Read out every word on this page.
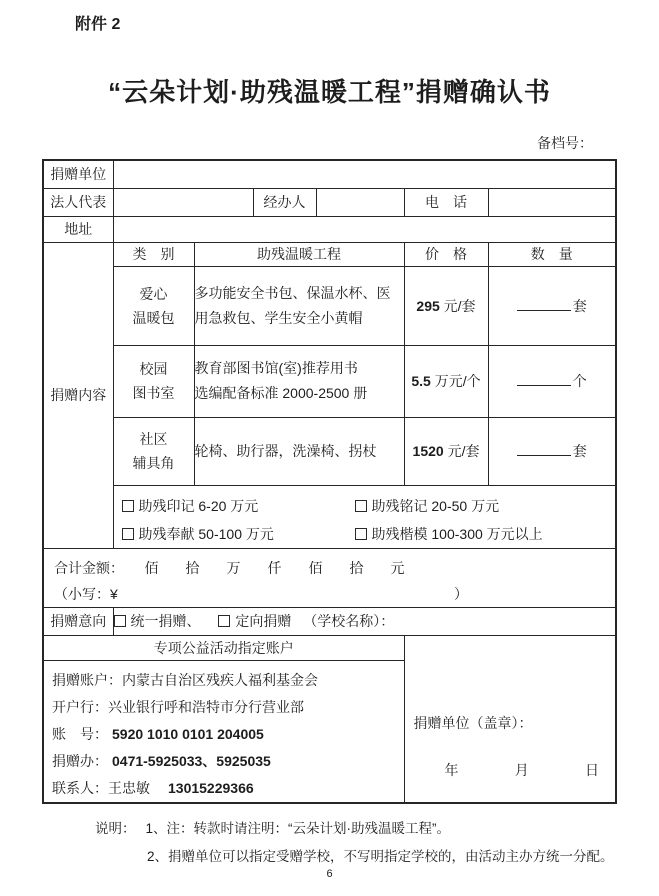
附件 2
“云朵计划·助残温暖工程”捐赠确认书
备档号：
捐赠单位						
法人代表			经办人		电　话	
地址						
捐赠内容	类　别	助残温暖工程			价　格	数　量

	爱心
温暖包	多功能安全书包、保温水杯、医
用急救包、学生安全小黄帽			295 元/套	套

	校园
图书室	教育部图书馆(室)推荐用书
选编配备标准 2000-2500 册			5.5 万元/个	个

	社区
辅具角	轮椅、助行器，洗澡椅、拐杖			1520 元/套	套

	助残印记 6-20 万元 助残铭记 20-50 万元
助残奉献 50-100 万元 助残楷模 100-300 万元以上					

合计金额： 佰 拾 万 仟 佰 拾 元
（小写：¥	）

捐赠意向	统一捐赠、 定向捐赠 （学校名称）：					

专项公益活动指定账户
捐赠账户： 内蒙古自治区残疾人福利基金会
开户行： 兴业银行呼和浩特市分行营业部
账　号： 5920 1010 0101 204005
捐赠办： 0471-5925033、5925035
联系人： 王忠敏　 13015229366

捐赠单位（盖章）：
年	月	日
说明： 1、注：转款时请注明：“云朵计划·助残温暖工程”。
2、捐赠单位可以指定受赠学校，不写明指定学校的，由活动主办方统一分配。
6
